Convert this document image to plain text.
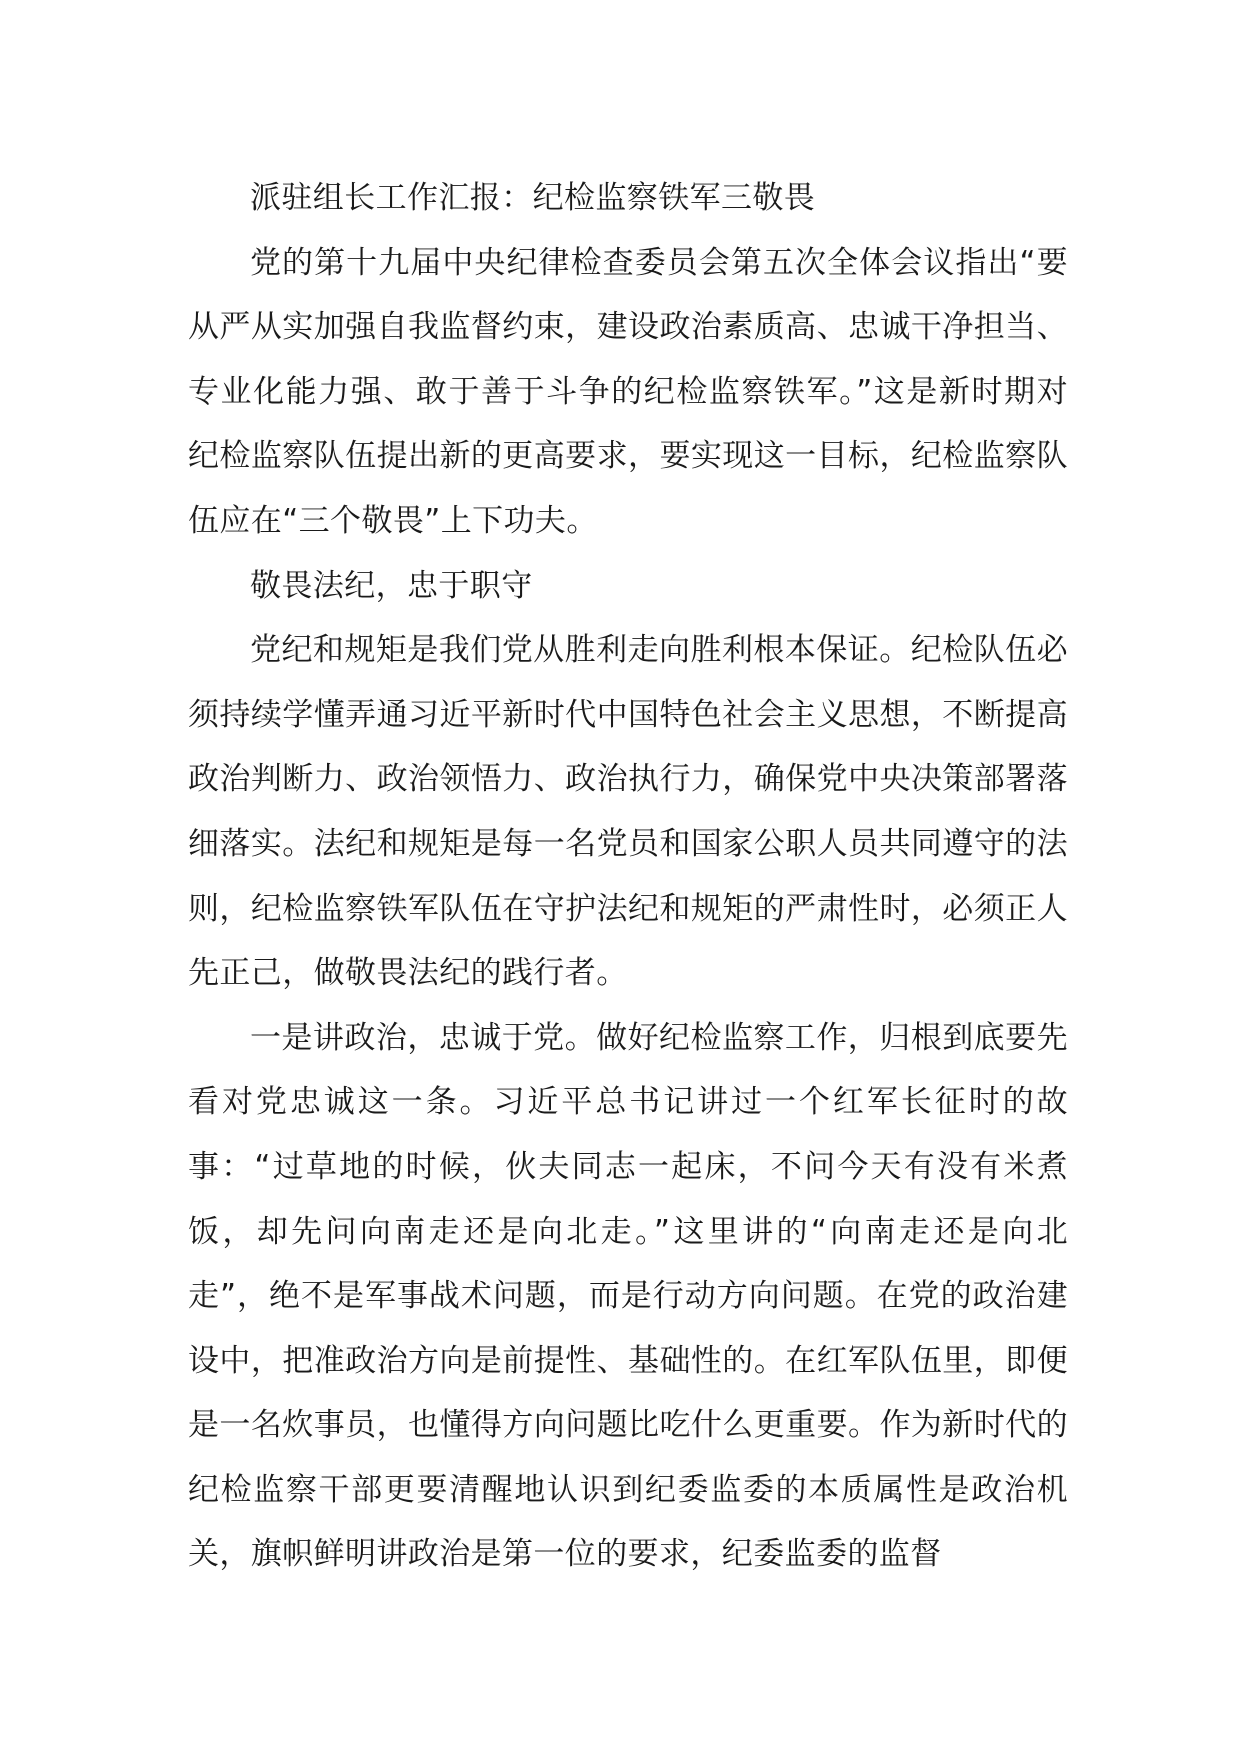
派驻组长工作汇报：纪检监察铁军三敬畏

党的第十九届中央纪律检查委员会第五次全体会议指出“要从严从实加强自我监督约束，建设政治素质高、忠诚干净担当、专业化能力强、敢于善于斗争的纪检监察铁军。”这是新时期对纪检监察队伍提出新的更高要求，要实现这一目标，纪检监察队伍应在“三个敬畏”上下功夫。

敬畏法纪，忠于职守

党纪和规矩是我们党从胜利走向胜利根本保证。纪检队伍必须持续学懂弄通习近平新时代中国特色社会主义思想，不断提高政治判断力、政治领悟力、政治执行力，确保党中央决策部署落细落实。法纪和规矩是每一名党员和国家公职人员共同遵守的法则，纪检监察铁军队伍在守护法纪和规矩的严肃性时，必须正人先正己，做敬畏法纪的践行者。

一是讲政治，忠诚于党。做好纪检监察工作，归根到底要先看对党忠诚这一条。习近平总书记讲过一个红军长征时的故事：“过草地的时候，伙夫同志一起床，不问今天有没有米煮饭，却先问向南走还是向北走。”这里讲的“向南走还是向北走”，绝不是军事战术问题，而是行动方向问题。在党的政治建设中，把准政治方向是前提性、基础性的。在红军队伍里，即便是一名炊事员，也懂得方向问题比吃什么更重要。作为新时代的纪检监察干部更要清醒地认识到纪委监委的本质属性是政治机关，旗帜鲜明讲政治是第一位的要求，纪委监委的监督
